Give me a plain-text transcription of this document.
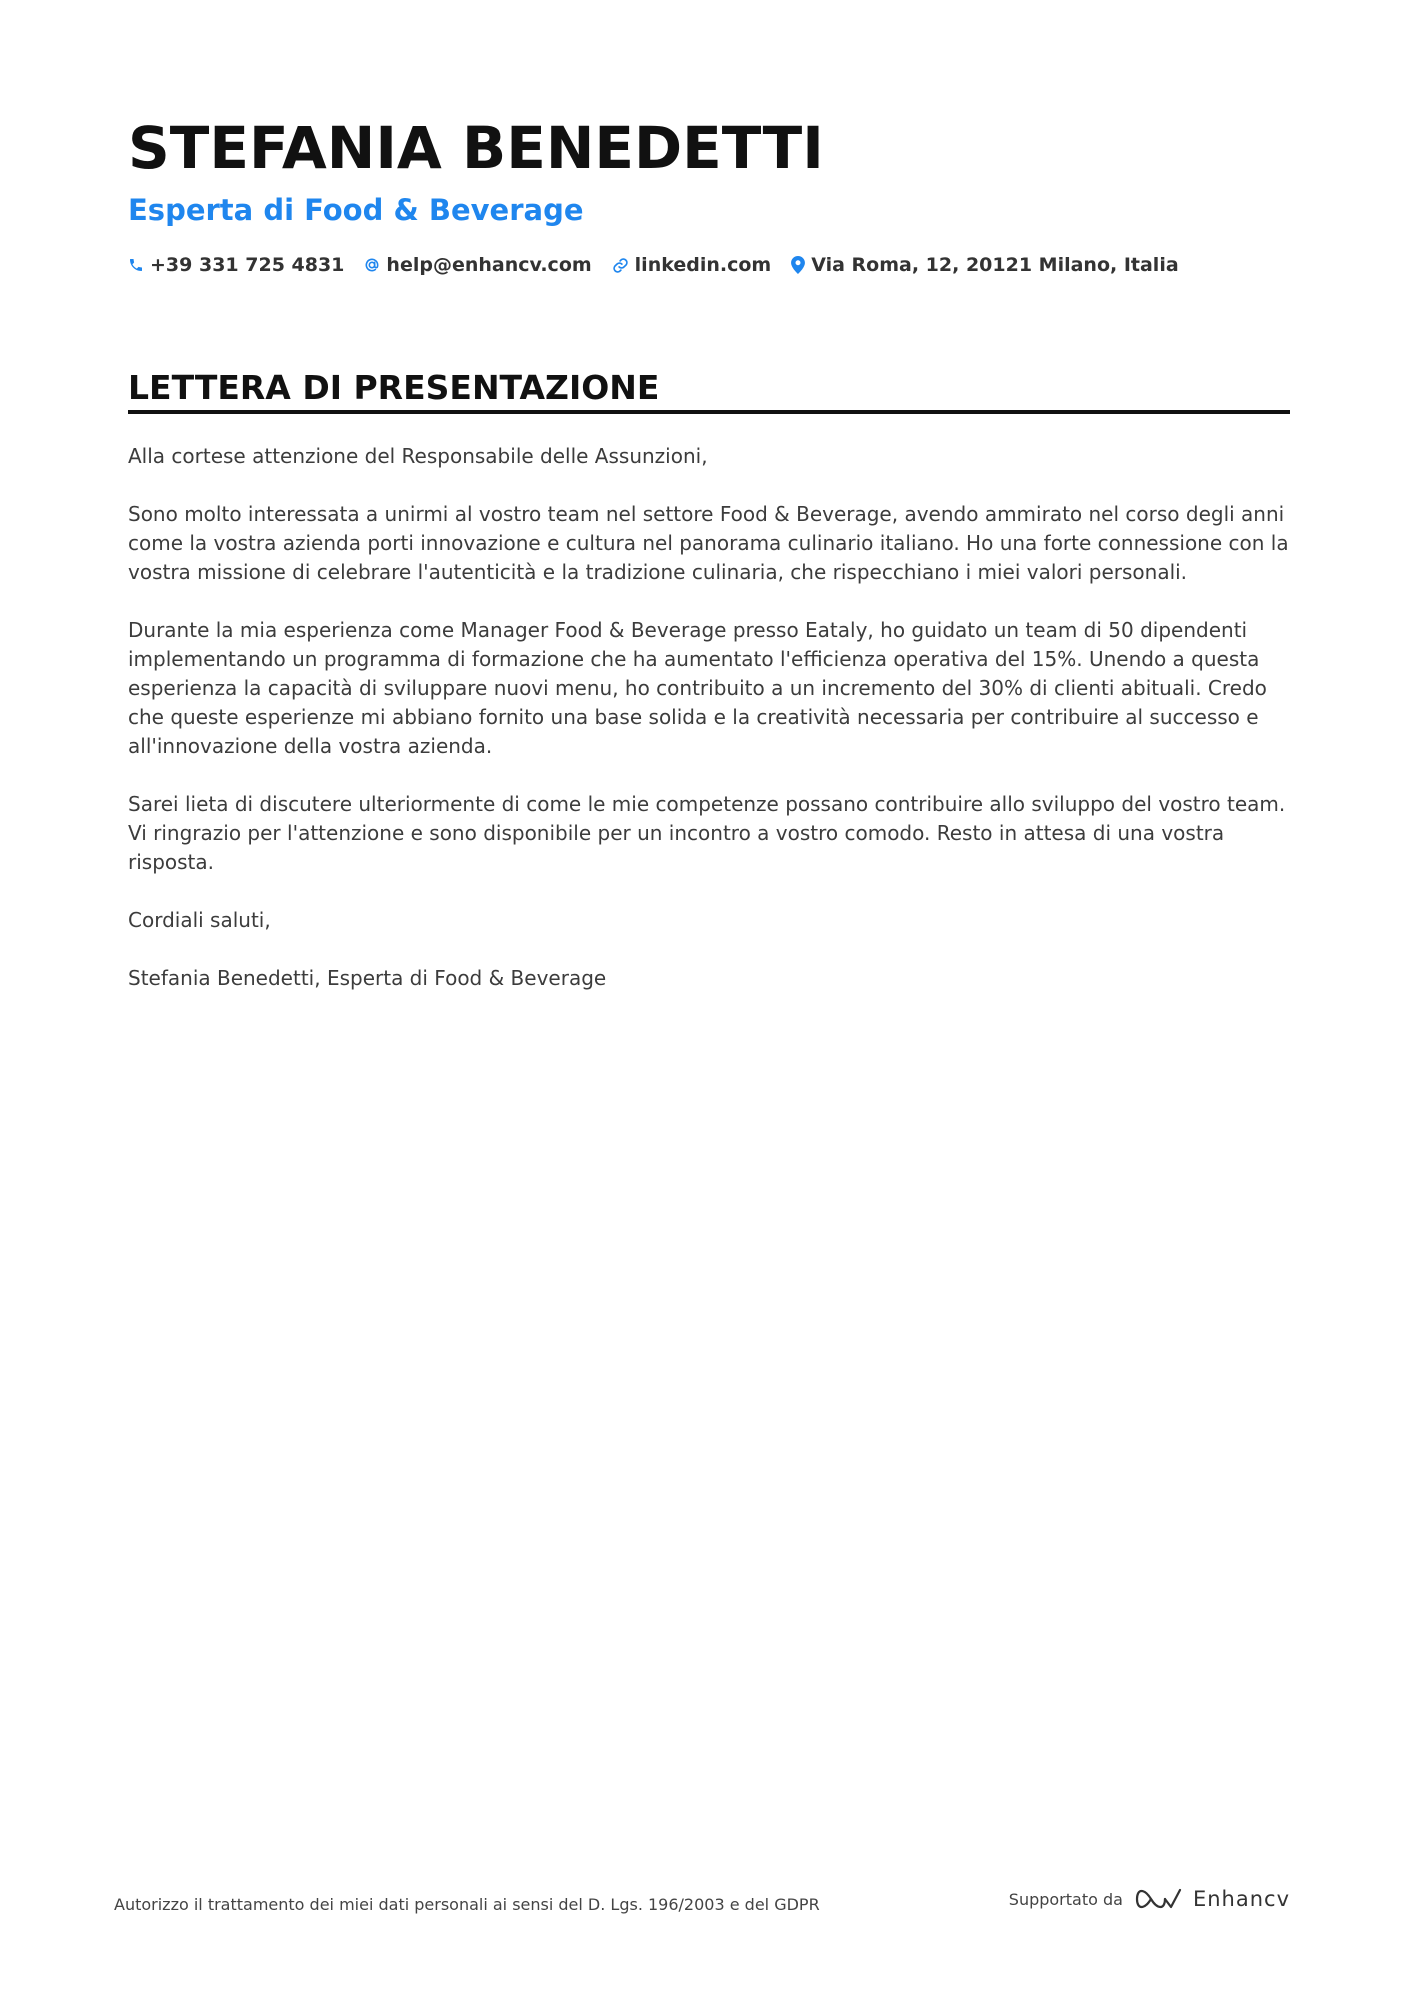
STEFANIA BENEDETTI
Esperta di Food & Beverage
+39 331 725 4831 help@enhancv.com linkedin.com Via Roma, 12, 20121 Milano, Italia
LETTERA DI PRESENTAZIONE

Alla cortese attenzione del Responsabile delle Assunzioni,

Sono molto interessata a unirmi al vostro team nel settore Food & Beverage, avendo ammirato nel corso degli anni come la vostra azienda porti innovazione e cultura nel panorama culinario italiano. Ho una forte connessione con la vostra missione di celebrare l'autenticità e la tradizione culinaria, che rispecchiano i miei valori personali.

Durante la mia esperienza come Manager Food & Beverage presso Eataly, ho guidato un team di 50 dipendenti implementando un programma di formazione che ha aumentato l'efficienza operativa del 15%. Unendo a questa esperienza la capacità di sviluppare nuovi menu, ho contribuito a un incremento del 30% di clienti abituali. Credo che queste esperienze mi abbiano fornito una base solida e la creatività necessaria per contribuire al successo e all'innovazione della vostra azienda.

Sarei lieta di discutere ulteriormente di come le mie competenze possano contribuire allo sviluppo del vostro team. Vi ringrazio per l'attenzione e sono disponibile per un incontro a vostro comodo. Resto in attesa di una vostra risposta.

Cordiali saluti,

Stefania Benedetti, Esperta di Food & Beverage

Autorizzo il trattamento dei miei dati personali ai sensi del D. Lgs. 196/2003 e del GDPR	Supportato da	Enhancv
